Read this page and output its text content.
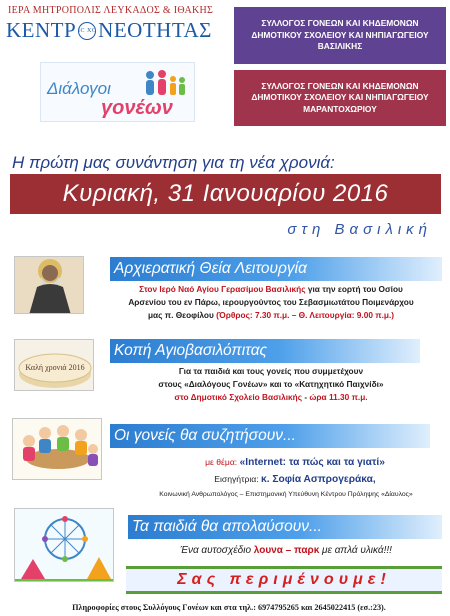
ΙΕΡΑ ΜΗΤΡΟΠΟΛΙΣ ΛΕΥΚΑΔΟΣ & ΙΘΑΚΗΣ
ΚΕΝΤΡ IC XC ΝΕΟΤΗΤΑΣ
Διάλογοι
γονέων
ΣΥΛΛΟΓΟΣ ΓΟΝΕΩΝ ΚΑΙ ΚΗΔΕΜΟΝΩΝ
ΔΗΜΟΤΙΚΟΥ ΣΧΟΛΕΙΟΥ ΚΑΙ ΝΗΠΙΑΓΩΓΕΙΟΥ
ΒΑΣΙΛΙΚΗΣ
ΣΥΛΛΟΓΟΣ ΓΟΝΕΩΝ ΚΑΙ ΚΗΔΕΜΟΝΩΝ
ΔΗΜΟΤΙΚΟΥ ΣΧΟΛΕΙΟΥ ΚΑΙ ΝΗΠΙΑΓΩΓΕΙΟΥ
ΜΑΡΑΝΤΟΧΩΡΙΟΥ
Η πρώτη μας συνάντηση για τη νέα χρονιά:
Κυριακή, 31 Ιανουαρίου 2016
στη Βασιλική
Αρχιερατική Θεία Λειτουργία
Στον Ιερό Ναό Αγίου Γερασίμου Βασιλικής για την εορτή του Οσίου
Αρσενίου του εν Πάρω, ιερουργούντος του Σεβασμιωτάτου Ποιμενάρχου
μας π. Θεοφίλου (Όρθρος: 7.30 π.μ. – Θ. Λειτουργία: 9.00 π.μ.)
Καλή χρονιά 2016
Κοπή Αγιοβασιλόπιτας
Για τα παιδιά και τους γονείς που συμμετέχουν
στους «Διαλόγους Γονέων» και το «Κατηχητικό Παιχνίδι»
στο Δημοτικό Σχολείο Βασιλικής - ώρα 11.30 π.μ.
Οι γονείς θα συζητήσουν...
με θέμα: «Internet: τα πώς και τα γιατί»
Εισηγήτρια: κ. Σοφία Ασπρογεράκα,
Κοινωνική Ανθρωπολόγος – Επιστημονική Υπεύθυνη Κέντρου Πρόληψης «Δίαυλος»
Τα παιδιά θα απολαύσουν...
Ένα αυτοσχέδιο λουνα – παρκ με απλά υλικά!!!
Σας περιμένουμε!
Πληροφορίες στους Συλλόγους Γονέων και στα τηλ.: 6974795265 και 2645022415 (εσ.:23).
